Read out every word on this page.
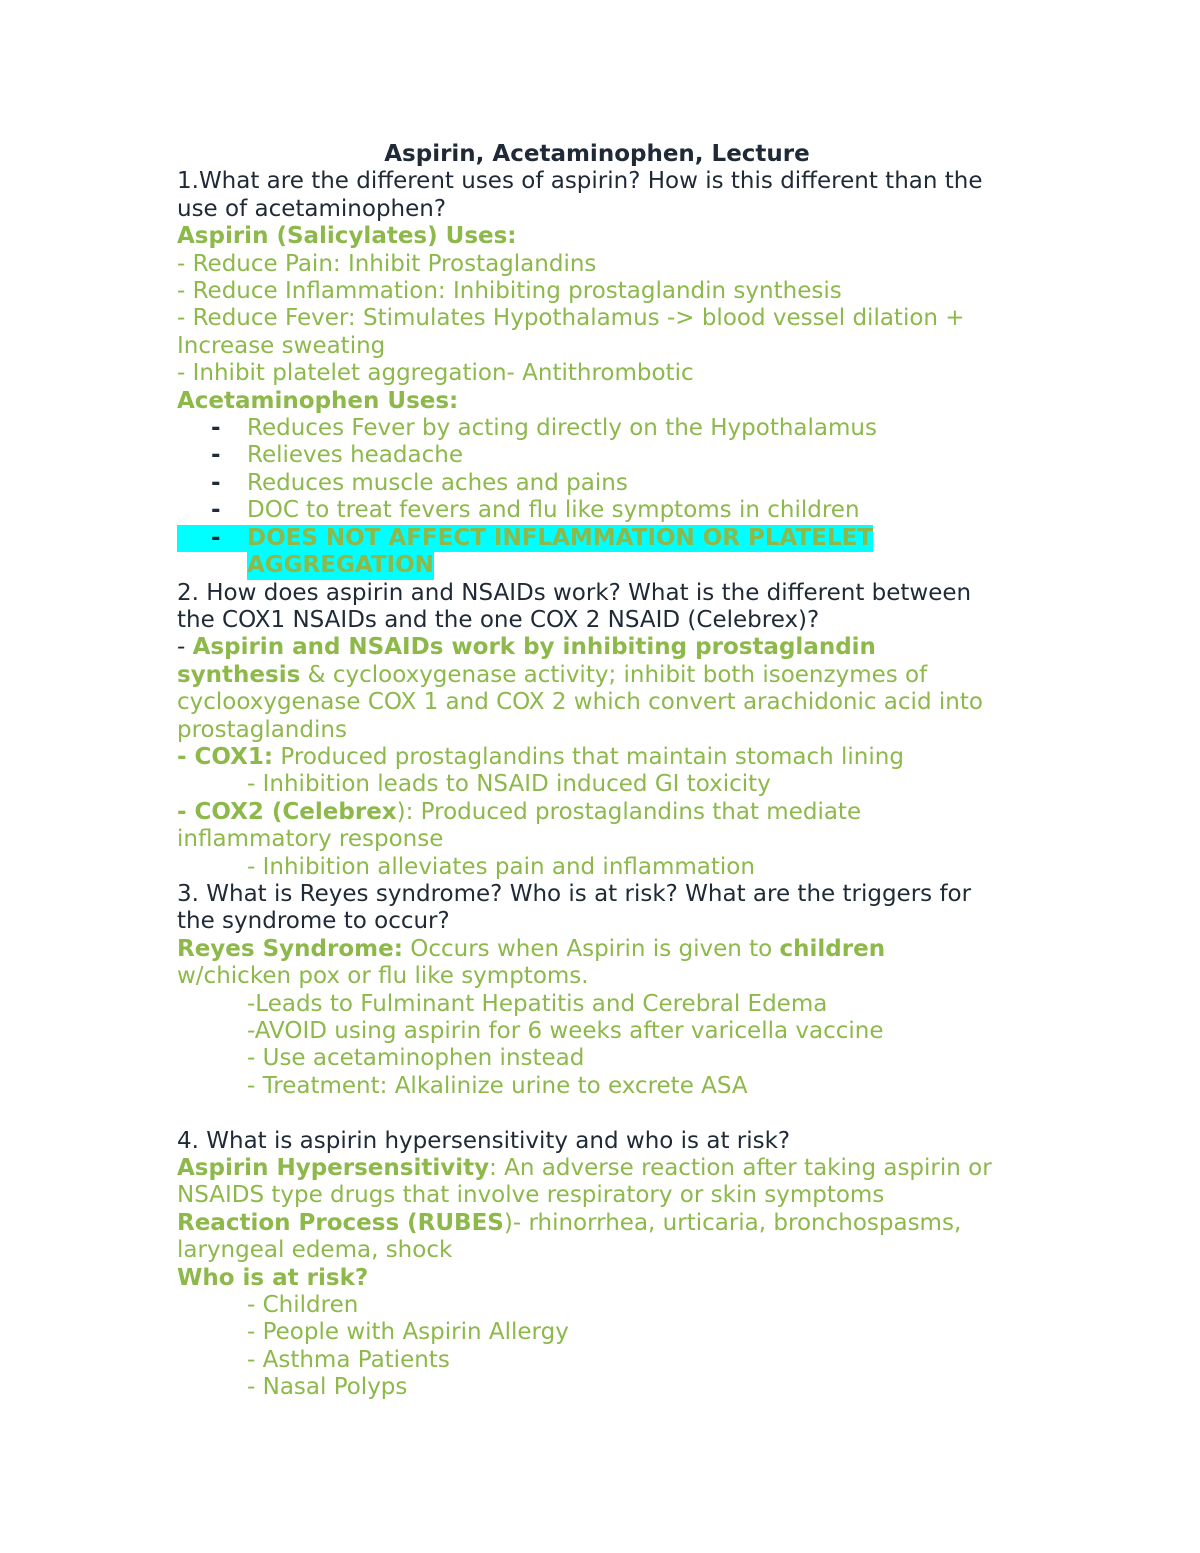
Aspirin, Acetaminophen, Lecture
1.What are the different uses of aspirin? How is this different than the
use of acetaminophen?
Aspirin (Salicylates) Uses:
- Reduce Pain: Inhibit Prostaglandins
- Reduce Inflammation: Inhibiting prostaglandin synthesis
- Reduce Fever: Stimulates Hypothalamus -> blood vessel dilation +
Increase sweating
- Inhibit platelet aggregation- Antithrombotic
Acetaminophen Uses:
-	Reduces Fever by acting directly on the Hypothalamus
-	Relieves headache
-	Reduces muscle aches and pains
-	DOC to treat fevers and flu like symptoms in children
-	DOES NOT AFFECT INFLAMMATION OR PLATELET
AGGREGATION
2. How does aspirin and NSAIDs work? What is the different between
the COX1 NSAIDs and the one COX 2 NSAID (Celebrex)?
- Aspirin and NSAIDs work by inhibiting prostaglandin
synthesis & cyclooxygenase activity; inhibit both isoenzymes of
cyclooxygenase COX 1 and COX 2 which convert arachidonic acid into
prostaglandins
- COX1: Produced prostaglandins that maintain stomach lining
- Inhibition leads to NSAID induced GI toxicity
- COX2 (Celebrex): Produced prostaglandins that mediate
inflammatory response
- Inhibition alleviates pain and inflammation
3. What is Reyes syndrome? Who is at risk? What are the triggers for
the syndrome to occur?
Reyes Syndrome: Occurs when Aspirin is given to children
w/chicken pox or flu like symptoms.
-Leads to Fulminant Hepatitis and Cerebral Edema
-AVOID using aspirin for 6 weeks after varicella vaccine
- Use acetaminophen instead
- Treatment: Alkalinize urine to excrete ASA
4. What is aspirin hypersensitivity and who is at risk?
Aspirin Hypersensitivity: An adverse reaction after taking aspirin or
NSAIDS type drugs that involve respiratory or skin symptoms
Reaction Process (RUBES)- rhinorrhea, urticaria, bronchospasms,
laryngeal edema, shock
Who is at risk?
- Children
- People with Aspirin Allergy
- Asthma Patients
- Nasal Polyps
